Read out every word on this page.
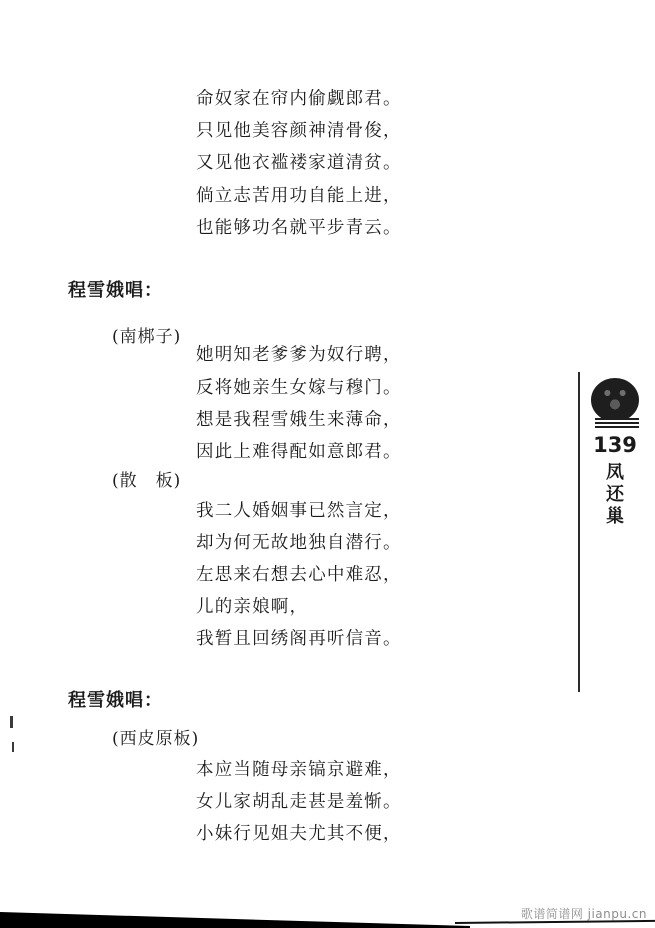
139
凤
还
巢
命奴家在帘内偷觑郎君。
只见他美容颜神清骨俊，
又见他衣褴褛家道清贫。
倘立志苦用功自能上进，
也能够功名就平步青云。
程雪娥唱：
(南梆子)
她明知老爹爹为奴行聘，
反将她亲生女嫁与穆门。
想是我程雪娥生来薄命，
因此上难得配如意郎君。
(散　板)
我二人婚姻事已然言定，
却为何无故地独自潜行。
左思来右想去心中难忍，
儿的亲娘啊，
我暂且回绣阁再听信音。
程雪娥唱：
(西皮原板)
本应当随母亲镐京避难，
女儿家胡乱走甚是羞惭。
小妹行见姐夫尤其不便，
歌谱简谱网 jianpu.cn
